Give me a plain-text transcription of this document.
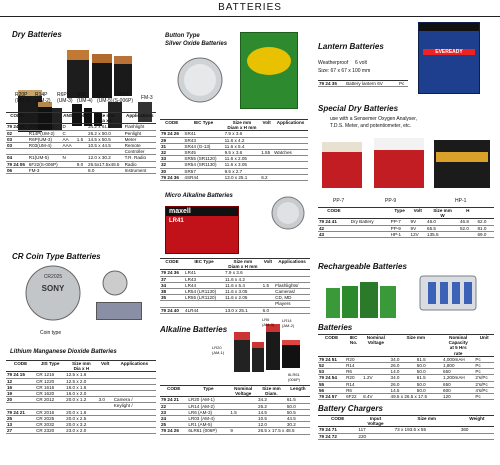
BATTERIES
Dry Batteries
R20P
(UM-1)
R14P
(UM-2)
R6P
(UM-3)
R03
(UM-4)
R1
(UM-5)
6F22
(S-006P) FM-3
CODE	Type	ANSI	Volt	Size mm
Dia x L	Applications
79 24 01	R20P(UM-1)	D		34.2 x 61.5	Flashlight
02	R14P(UM-2)	C		26.2 x 50.0	Penlight
03	R6P(UM-3)	AA	1.5	14.5 x 50.5	Meter
03	R03(UM-4)	AAA		10.5 x 44.5	Remote
					Controller
04	R1(UM-5)	N		12.0 x 30.2	T.R. Radio
79 24 05	6F22(S-006P)		9.0	26.5x17.5x48.5	Radio
06	FM-3			8.0	Instrument
Button Type
Silver Oxide Batteries
CODE	IEC Type	Size mm
Diam x H mm	Volt	Applications
79 24 26	SR41	7.9 x 3.6		
29	SR43	11.6 x 4.2		
31	SR44 (G-13)	11.6 x 5.4		
32	SR45	9.5 x 3.6	1.55	Watches
33	SR55 (SR1120)	11.6 x 2.05		
32	SR54 (SR1130)	11.6 x 3.05		
30	SR57	9.5 x 2.7		
79 24 36	4SR44	13.0 x 25.1	6.2	
Micro Alkaline Batteries
maxell
LR41
CODE	IEC Type	Size mm
Diam x H mm	Volt	Applications
79 24 36	LR41	7.9 x 3.6		
37	LR43	11.6 x 4.2		
34	LR44	11.6 x 5.4	1.5	Flashlights/
38	LR54 (LR1130)	11.6 x 3.05		Cameras/
35	LR55 (LR1120)	11.6 x 2.05		CD, MD
				Players
79 24 40	4LR44	13.0 x 25.1	6.0	
CR Coin Type Batteries
SONY
CR2025
Coin type
Lithium Manganese Dioxide Batteries
CODE	JIS Type	Size mm
Dia x H	Volt	Applications
79 24 15	CR 1216	12.5 x 1.6		
12	CR 1220	12.5 x 2.0		
16	CR 1616	16.0 x 1.6		
19	CR 1620	16.0 x 2.0		
20	CR 2012	20.0 x 1.2	3.0	Camera /
				Keylight /
79 24 21	CR 2016	20.0 x 1.6		
25	CR 2025	20.0 x 2.5		
13	CR 2032	20.0 x 3.2		
27	CR 2320	23.0 x 2.0		
Alkaline Batteries
LR20
(AM-1)
LR6
(AM-3)
LR14
(AM-2)
6LR61
(006P)
CODE	Type	Nominal
Voltage	Size mm
Diam.	Length
79 24 21	LR20 (AM-1)		34.2	61.5
22	LR14 (AM-2)		26.2	50.0
23	LR6 (AM-3)	1.5	14.5	50.5
24	LR03 (AM-4)		10.5	44.5
25	LR1 (AM-5)		12.0	30.2
79 24 26	6LR61 (006P)	9	26.5 x 17.5 x 48.5	
Lantern Batteries
Weatherproof 6 volt
Size: 67 x 67 x 100 mm
EVEREADY
79 24 35	Battery lantern 6V	Pc
Special Dry Batteries
use with a Sensemer Oxygen Analyser,
T.D.S. Meter, and potentiometer, etc.
PP-7	PP-9	HP-1
CODE		Type	Volt	Size mm
W	H	
79 24 41	Dry Battery	PP-7	9V	46.0	46.8	62.0
42		PP-9	9V	65.5	52.0	81.0
43		HP-1	12V	135.5		69.0
Rechargeable Batteries
Batteries
CODE	IEC
No.	Nominal
Voltage	Size mm		Nominal
Capacity
at 5 Hrs
rate	Unit
79 24 51	R20		34.0	61.5	4,000mAH	Pc
52	R14		26.0	50.0	1,800	Pc
53	R6		14.0	50.0	650	Pc
79 24 54	R20	1.2V	34.0	61.5	1,200mAH	2's/Pc
55	R14		26.0	50.0	650	2's/Pc
56	R6		14.5	50.0	600	4's/Pc
79 24 57	6F22	8.4V	49.5 x 26.5 x 17.5		120	Pc
Battery Chargers
CODE	Input
Voltage	Size mm	Weight
79 24 71	117	73 x 193.5 x 55	360
79 24 72	220		
